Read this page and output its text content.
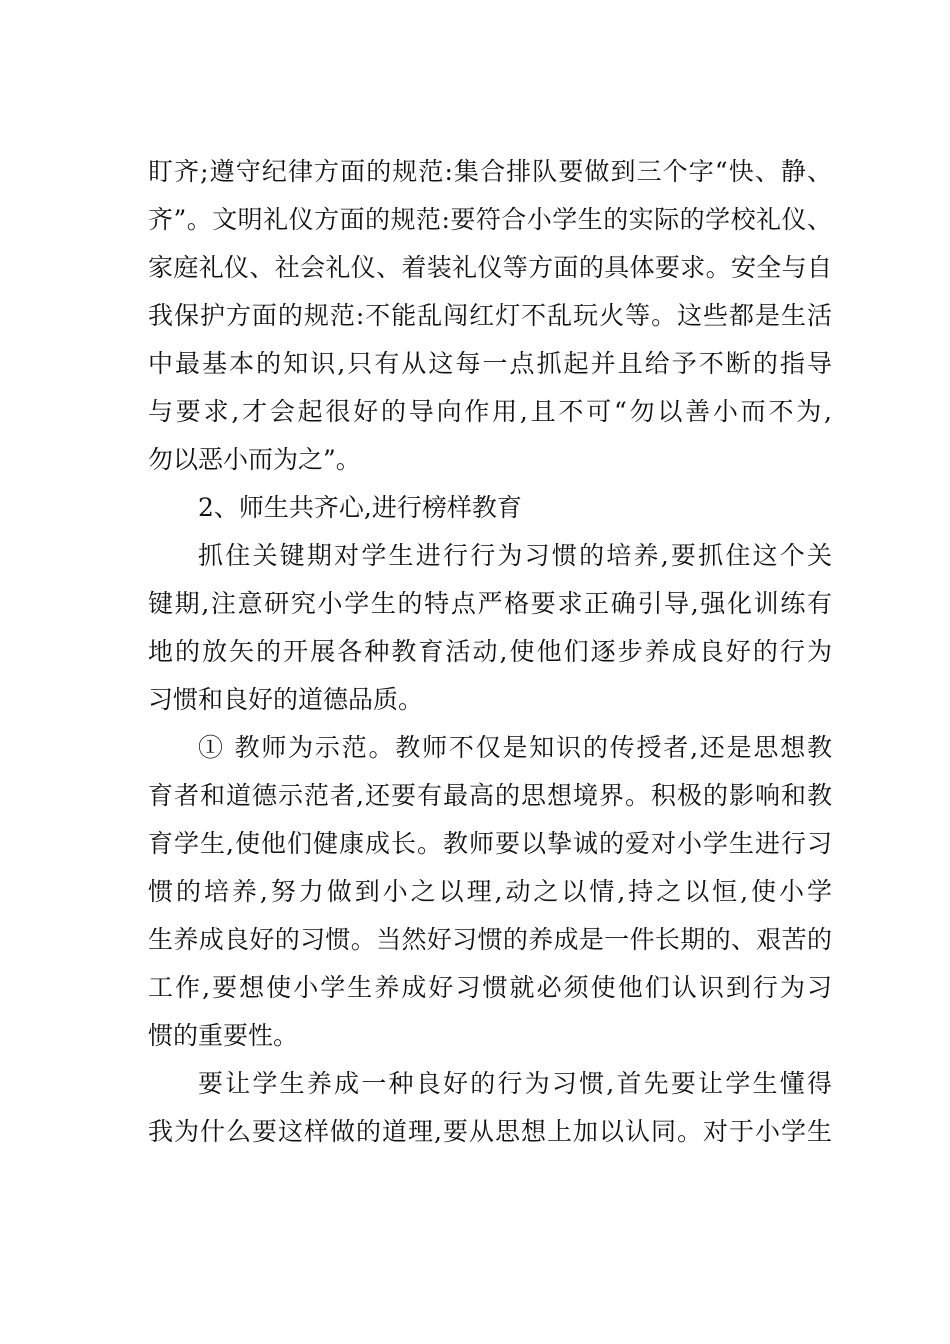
盯齐;遵守纪律方面的规范:集合排队要做到三个字“快、静、
齐”。文明礼仪方面的规范:要符合小学生的实际的学校礼仪、
家庭礼仪、社会礼仪、着装礼仪等方面的具体要求。安全与自
我保护方面的规范:不能乱闯红灯不乱玩火等。这些都是生活
中最基本的知识,只有从这每一点抓起并且给予不断的指导
与要求,才会起很好的导向作用,且不可“勿以善小而不为,
勿以恶小而为之”。
2、师生共齐心,进行榜样教育
抓住关键期对学生进行行为习惯的培养,要抓住这个关
键期,注意研究小学生的特点严格要求正确引导,强化训练有
地的放矢的开展各种教育活动,使他们逐步养成良好的行为
习惯和良好的道德品质。
① 教师为示范。教师不仅是知识的传授者,还是思想教
育者和道德示范者,还要有最高的思想境界。积极的影响和教
育学生,使他们健康成长。教师要以挚诚的爱对小学生进行习
惯的培养,努力做到小之以理,动之以情,持之以恒,使小学
生养成良好的习惯。当然好习惯的养成是一件长期的、艰苦的
工作,要想使小学生养成好习惯就必须使他们认识到行为习
惯的重要性。
要让学生养成一种良好的行为习惯,首先要让学生懂得
我为什么要这样做的道理,要从思想上加以认同。对于小学生
